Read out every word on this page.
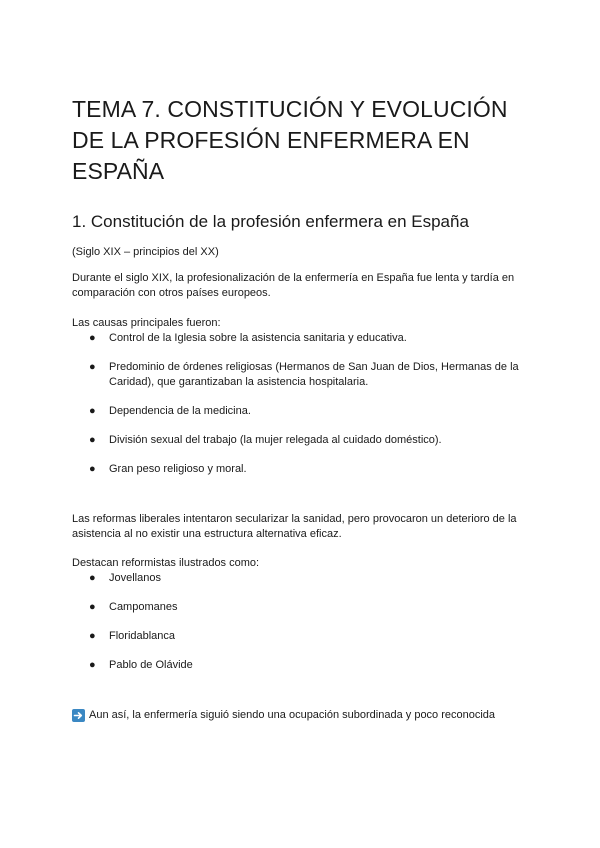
TEMA 7. CONSTITUCIÓN Y EVOLUCIÓN DE LA PROFESIÓN ENFERMERA EN ESPAÑA
1. Constitución de la profesión enfermera en España

(Siglo XIX – principios del XX)

Durante el siglo XIX, la profesionalización de la enfermería en España fue lenta y tardía en comparación con otros países europeos.

Las causas principales fueron:

● Control de la Iglesia sobre la asistencia sanitaria y educativa.
● Predominio de órdenes religiosas (Hermanos de San Juan de Dios, Hermanas de la Caridad), que garantizaban la asistencia hospitalaria.
● Dependencia de la medicina.
● División sexual del trabajo (la mujer relegada al cuidado doméstico).
● Gran peso religioso y moral.

Las reformas liberales intentaron secularizar la sanidad, pero provocaron un deterioro de la asistencia al no existir una estructura alternativa eficaz.

Destacan reformistas ilustrados como:

● Jovellanos
● Campomanes
● Floridablanca
● Pablo de Olávide

Aun así, la enfermería siguió siendo una ocupación subordinada y poco reconocida
